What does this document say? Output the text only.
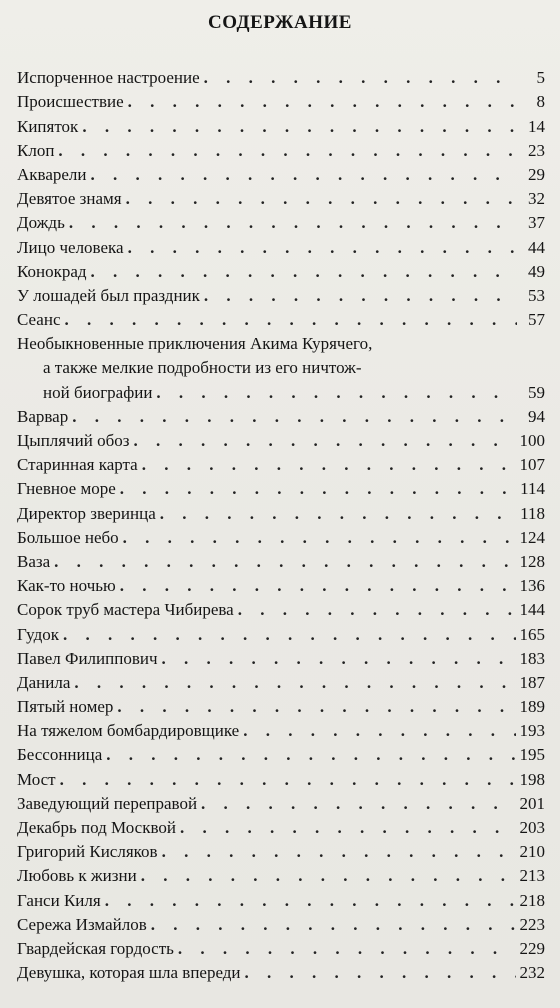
СОДЕРЖАНИЕ
Испорченное настроение . . .	5
Происшествие . . .	8
Кипяток . . .	14
Клоп . . .	23
Акварели . . .	29
Девятое знамя . . .	32
Дождь . . .	37
Лицо человека . . .	44
Конокрад . . .	49
У лошадей был праздник . . .	53
Сеанс . . .	57
Необыкновенные приключения Акима Курячего,
а также мелкие подробности из его ничтож-
ной биографии . . .	59
Варвар . . .	94
Цыплячий обоз . . .	100
Старинная карта . . .	107
Гневное море . . .	114
Директор зверинца . . .	118
Большое небо . . .	124
Ваза . . .	128
Как-то ночью . . .	136
Сорок труб мастера Чибирева . . .	144
Гудок . . .	165
Павел Филиппович . . .	183
Данила . . .	187
Пятый номер . . .	189
На тяжелом бомбардировщике . . .	193
Бессонница . . .	195
Мост . . .	198
Заведующий переправой . . .	201
Декабрь под Москвой . . .	203
Григорий Кисляков . . .	210
Любовь к жизни . . .	213
Ганси Киля . . .	218
Сережа Измайлов . . .	223
Гвардейская гордость . . .	229
Девушка, которая шла впереди . . .	232
